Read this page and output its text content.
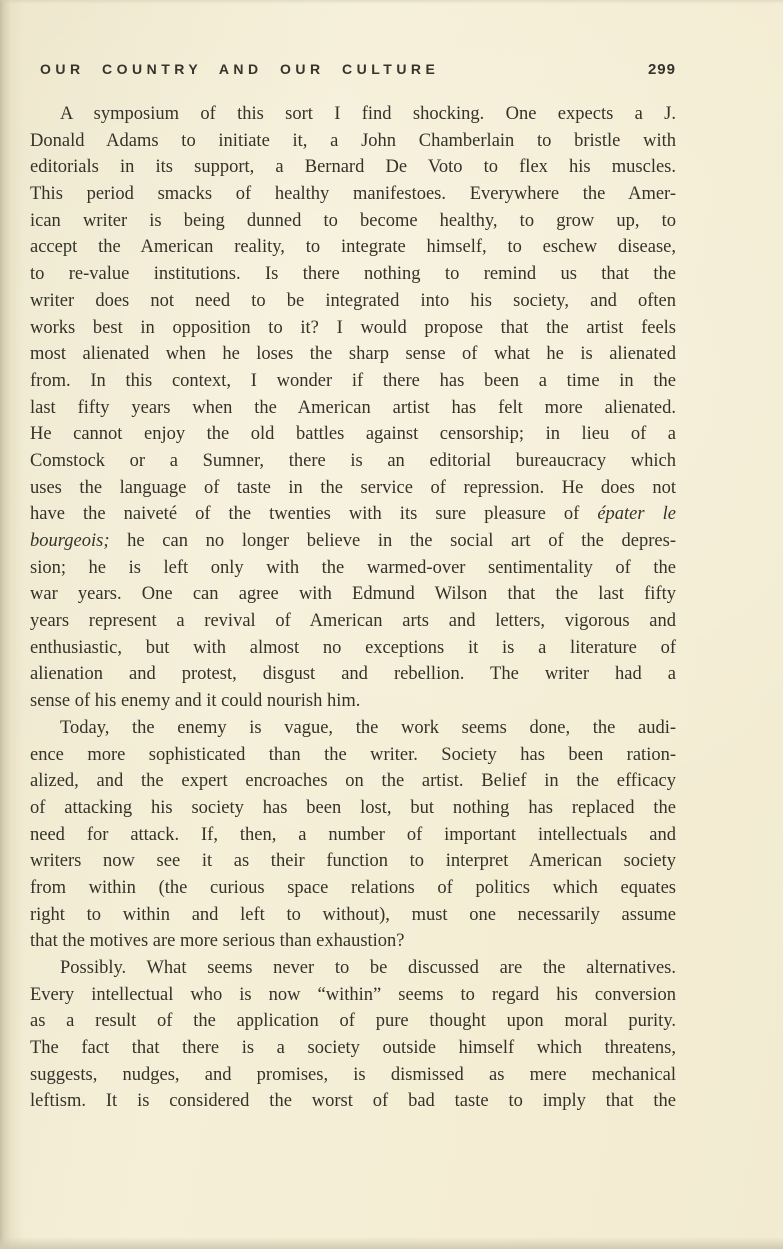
OUR COUNTRY AND OUR CULTURE	299
A symposium of this sort I find shocking. One expects a J.
Donald Adams to initiate it, a John Chamberlain to bristle with
editorials in its support, a Bernard De Voto to flex his muscles.
This period smacks of healthy manifestoes. Everywhere the Amer-
ican writer is being dunned to become healthy, to grow up, to
accept the American reality, to integrate himself, to eschew disease,
to re-value institutions. Is there nothing to remind us that the
writer does not need to be integrated into his society, and often
works best in opposition to it? I would propose that the artist feels
most alienated when he loses the sharp sense of what he is alienated
from. In this context, I wonder if there has been a time in the
last fifty years when the American artist has felt more alienated.
He cannot enjoy the old battles against censorship; in lieu of a
Comstock or a Sumner, there is an editorial bureaucracy which
uses the language of taste in the service of repression. He does not
have the naiveté of the twenties with its sure pleasure of épater le
bourgeois; he can no longer believe in the social art of the depres-
sion; he is left only with the warmed-over sentimentality of the
war years. One can agree with Edmund Wilson that the last fifty
years represent a revival of American arts and letters, vigorous and
enthusiastic, but with almost no exceptions it is a literature of
alienation and protest, disgust and rebellion. The writer had a
sense of his enemy and it could nourish him.
Today, the enemy is vague, the work seems done, the audi-
ence more sophisticated than the writer. Society has been ration-
alized, and the expert encroaches on the artist. Belief in the efficacy
of attacking his society has been lost, but nothing has replaced the
need for attack. If, then, a number of important intellectuals and
writers now see it as their function to interpret American society
from within (the curious space relations of politics which equates
right to within and left to without), must one necessarily assume
that the motives are more serious than exhaustion?
Possibly. What seems never to be discussed are the alternatives.
Every intellectual who is now “within” seems to regard his conversion
as a result of the application of pure thought upon moral purity.
The fact that there is a society outside himself which threatens,
suggests, nudges, and promises, is dismissed as mere mechanical
leftism. It is considered the worst of bad taste to imply that the
